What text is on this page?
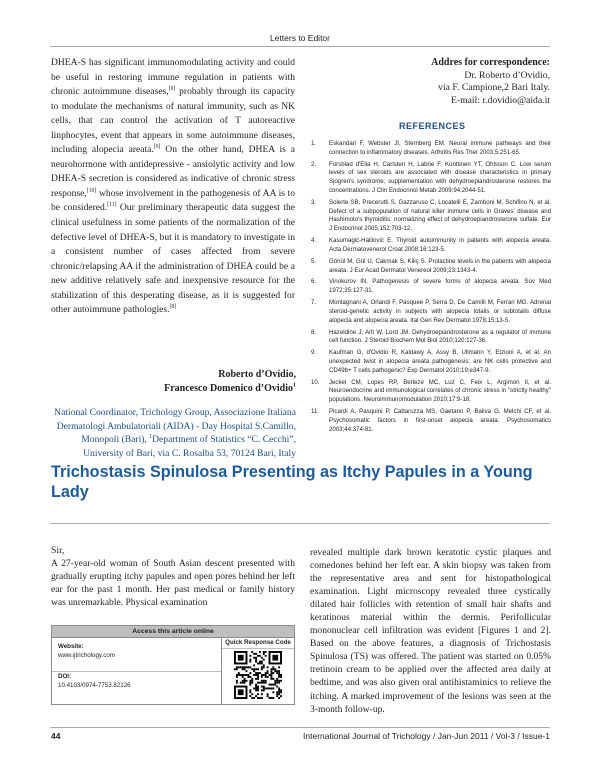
Letters to Editor

DHEA-S has significant immunomodulating activity and could be useful in restoring immune regulation in patients with chronic autoimmune diseases,[9] probably through its capacity to modulate the mechanisms of natural immunity, such as NK cells, that can control the activation of T autoreactive linphocytes, event that appears in some autoimmune diseases, including alopecia areata.[9] On the other hand, DHEA is a neurohormone with antidepressive - ansiolytic activity and low DHEA-S secretion is considered as indicative of chronic stress response,[10] whose involvement in the pathogenesis of AA is to be considered.[11] Our preliminary therapeutic data suggest the clinical usefulness in some patients of the normalization of the defective level of DHEA-S, but it is mandatory to investigate in a consistent number of cases affected from severe chronic/relapsing AA if the administration of DHEA could be a new additive relatively safe and inexpensive resource for the stabilization of this desperating disease, as it is suggested for other autoimmune pathologies.[8]

Roberto d’Ovidio,
Francesco Domenico d’Ovidio$^1$
National Coordinator, Trichology Group, Associazione Italiana Dermatologi Ambulatoriali (AIDA) - Day Hospital S.Camillo, Monopoli (Bari), $^1$Department of Statistics “C. Cecchi”, University of Bari, via C. Rosalba 53, 70124 Bari, Italy
Addres for correspondence:
Dr. Roberto d’Ovidio,
via F. Campione,2 Bari Italy.
E-mail: r.dovidio@aida.it
REFERENCES
1. Eskandari F, Webster JI, Sternberg EM. Neural immune pathways and their connection to inflammatory diseases. Arthritis Res Ther 2003;5:251-65.
2. Forsblad d'Elia H, Carlsten H, Labrie F, Konttinen YT, Ohlsson C. Low serum levels of sex steroids are associated with disease characteristics in primary Sjogren's syndrome; supplementation with dehydroepiandrosterone restores the concentrations. J Clin Endocrinol Metab 2009;94:2044-51.
3. Solerte SB, Precerutti S, Gazzaruso C, Locatelli E, Zamboni M, Schifino N, et al. Defect of a subpopulation of natural killer immune cells in Graves' disease and Hashimoto's thyroiditis: normalizing effect of dehydroepiandrosterone sulfate. Eur J Endocrinol 2005;152:703-12.
4. Kasumagić-Halilović E. Thyroid autoimmunity in patients with alopecia areata. Acta Dermatovenerol Croat 2008;16:123-5.
5. Gönül M, Gül U, Cakmak S, Kiliç S. Prolactine levels in the patients with alopecia areata. J Eur Acad Dermatol Venereol 2009;23:1343-4.
6. Vinokurov IN. Pathogenesis of severe forms of alopecia areata. Sov Med 1972;35:127-31.
7. Montagnani A, Orlandi F, Pasquee P, Serra D, De Camilli M, Ferrari MG. Adrenal steroid-genetic activity in subjects with alopecia totalis or subtotalis diffuse alopecia and alopecia areata. Ital Gen Rev Dermatol 1978;15:13-5.
8. Hazeldine J, Arlt W, Lord JM. Dehydroepiandrosterone as a regulator of immune cell function. J Steroid Biochem Mol Biol 2010;120:127-36.
9. Kaufman G, d'Ovidio R, Kaldawy A, Assy B, Ullmann Y, Etzioni A, et al. An unexpected twist in alopecia areata pathogenesis: are NK cells protective and CD49b+ T cells pathogenic? Exp Dermatol 2010;19:e347-9.
10. Jeckel CM, Lopes RP, Berleze MC, Luz C, Feix L, Argimon II, et al. Neuroendocrine and immunological correlates of chronic stress in "strictly healthy" populations. Neuroimmunomodulation 2010;17:9-18.
11. Picardi A, Pasquini P, Cattaruzza MS, Gaetano P, Baliva G, Melchi CF, et al. Psychosomatic factors in first-onset alopecia areata. Psychosomatics 2003;44:374-81.
Trichostasis Spinulosa Presenting as Itchy Papules in a Young Lady
Sir,
A 27-year-old woman of South Asian descent presented with gradually erupting itchy papules and open pores behind her left ear for the past 1 month. Her past medical or family history was unremarkable. Physical examination
revealed multiple dark brown keratotic cystic plaques and comedones behind her left ear. A skin biopsy was taken from the representative area and sent for histopathological examination. Light microscopy revealed three cystically dilated hair follicles with retention of small hair shafts and keratinous material within the dermis. Perifollicular mononuclear cell infiltration was evident [Figures 1 and 2]. Based on the above features, a diagnosis of Trichostasis Spinulosa (TS) was offered. The patient was started on 0.05% tretinoin cream to be applied over the affected area daily at bedtime, and was also given oral antihistaminics to relieve the itching. A marked improvement of the lesions was seen at the 3-month follow-up.
Access this article online
Website:
www.ijtrichology.com
DOI:
10.4103/0974-7753.82126
Quick Response Code
44	International Journal of Trichology / Jan-Jun 2011 / Vol-3 / Issue-1
